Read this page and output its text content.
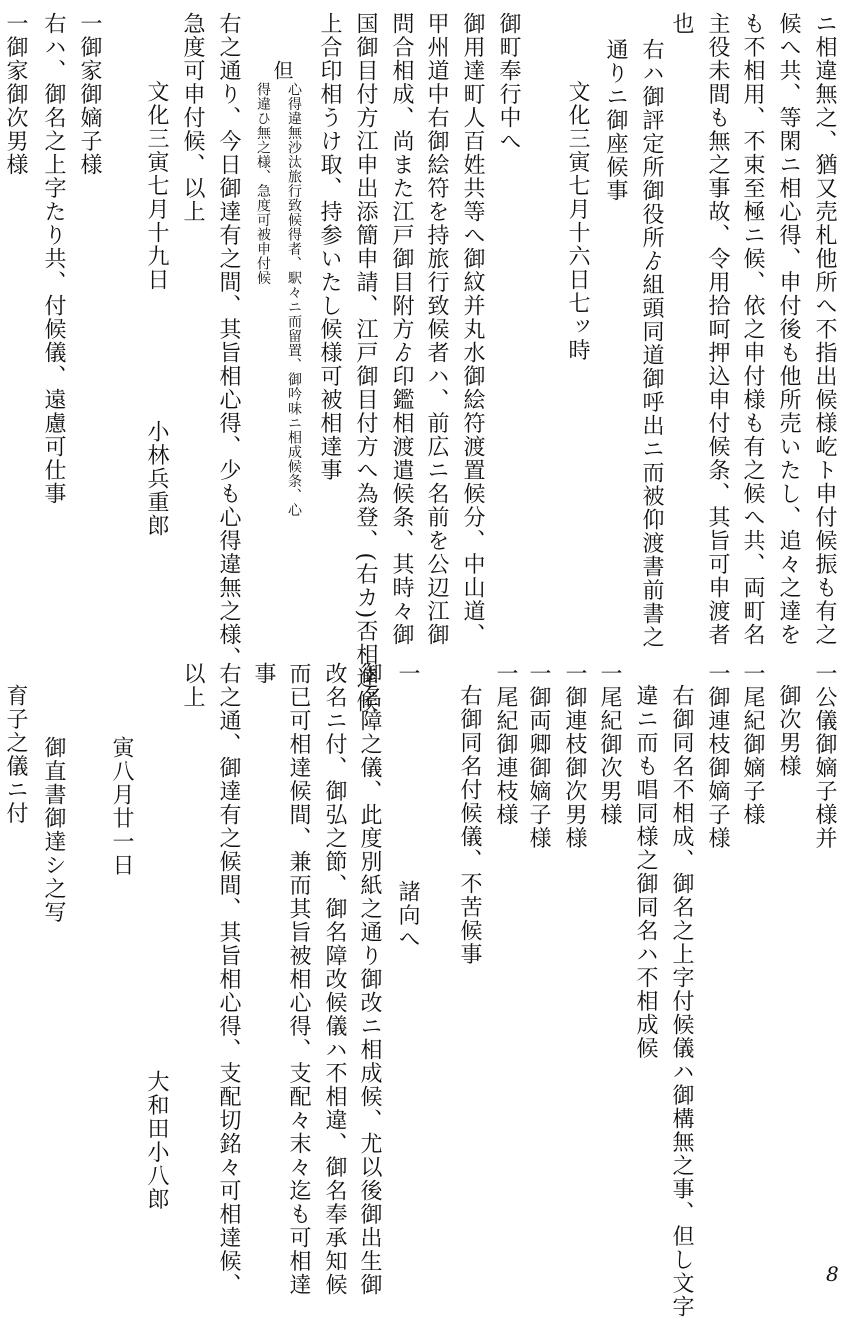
ニ相違無之、猶又売札他所へ不指出候様屹ト申付候振も有之
候へ共、等閑ニ相心得、申付後も他所売いたし、追々之達を
も不相用、不束至極ニ候、依之申付様も有之候へ共、両町名
主役未間も無之事故、令用拾呵押込申付候条、其旨可申渡者
也
右ハ御評定所御役所ゟ組頭同道御呼出ニ而被仰渡書前書之
通りニ御座候事
文化三寅七月十六日七ッ時
御町奉行中へ
御用達町人百姓共等へ御紋并丸水御絵符渡置候分、中山道、
甲州道中右御絵符を持旅行致候者ハ、前広ニ名前を公辺江御
問合相成、尚また江戸御目附方ゟ印鑑相渡遣候条、其時々御
国御目付方江申出添簡申請、江戸御目付方へ為登、(右カ)否相達候
上合印相うけ取、持参いたし候様可被相達事
但
心得違無沙汰旅行致候得者、駅々ニ而留置、御吟味ニ相成候条、心
得違ひ無之様、急度可被申付候
右之通り、今日御達有之間、其旨相心得、少も心得違無之様、
急度可申付候、以上
文化三寅七月十九日
小林兵重郎
一御家御嫡子様
右ハ、御名之上字たり共、付候儀、遠慮可仕事
一御家御次男様
一公儀御嫡子様并
御次男様
一尾紀御嫡子様
一御連枝御嫡子様
右御同名不相成、御名之上字付候儀ハ御構無之事、但し文字
違ニ而も唱同様之御同名ハ不相成候
一尾紀御次男様
一御連枝御次男様
一御両卿御嫡子様
一尾紀御連枝様
右御同名付候儀、不苦候事
一
諸向へ
御名障之儀、此度別紙之通り御改ニ相成候、尤以後御出生御
改名ニ付、御弘之節、御名障改候儀ハ不相違、御名奉承知候
而已可相達候間、兼而其旨被相心得、支配々末々迄も可相達
事
右之通、御達有之候間、其旨相心得、支配切銘々可相達候、
以上
大和田小八郎
寅八月廿一日
御直書御達シ之写
育子之儀ニ付
8
